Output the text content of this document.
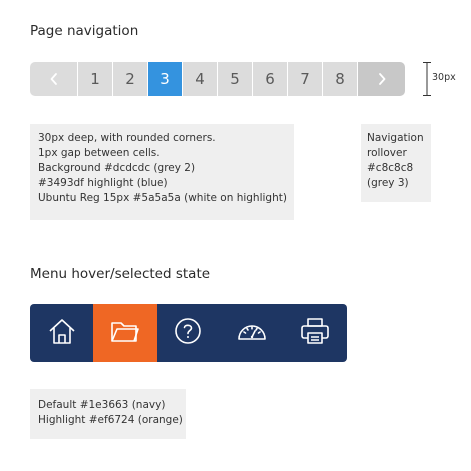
Page navigation
1	2	3	4	5	6	7	8	30px
30px deep, with rounded corners.
1px gap between cells.
Background #dcdcdc (grey 2)
#3493df highlight (blue)
Ubuntu Reg 15px #5a5a5a (white on highlight)
Navigation
rollover
#c8c8c8
(grey 3)
Menu hover/selected state
Default #1e3663 (navy)
Highlight #ef6724 (orange)
